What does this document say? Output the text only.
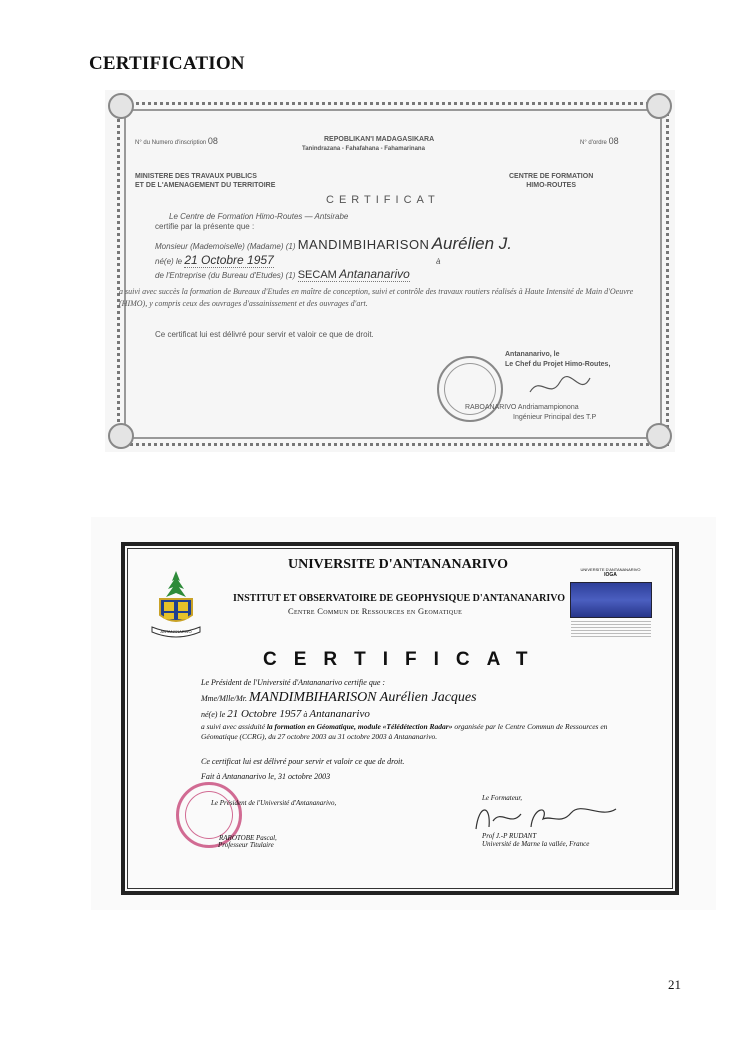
CERTIFICATION
N° du Numero d'inscription 08	N° d'ordre 08
REPOBLIKAN'I MADAGASIKARA
Tanindrazana - Fahafahana - Fahamarinana
MINISTERE DES TRAVAUX PUBLICS
ET DE L'AMENAGEMENT DU TERRITOIRE
CENTRE DE FORMATION
HIMO-ROUTES
CERTIFICAT
Le Centre de Formation Himo-Routes — Antsirabe
certifie par la présente que :
Monsieur (Mademoiselle) (Madame) (1) MANDIMBIHARISON Aurélien J.
né(e) le 21 Octobre 1957	à
de l'Entreprise (du Bureau d'Etudes) (1) SECAM Antananarivo
a suivi avec succès la formation de Bureaux d'Etudes en maître de conception, suivi et contrôle des travaux routiers réalisés à Haute Intensité de Main d'Oeuvre (HIMO), y compris ceux des ouvrages d'assainissement et des ouvrages d'art.
Ce certificat lui est délivré pour servir et valoir ce que de droit.
Antananarivo, le
Le Chef du Projet Himo-Routes,
RABOANARIVO Andriamampionona
Ingénieur Principal des T.P
ANTANANARIVO
UNIVERSITE D'ANTANANARIVO
INSTITUT ET OBSERVATOIRE DE GEOPHYSIQUE D'ANTANANARIVO
Centre Commun de Ressources en Geomatique
UNIVERSITE D'ANTANANARIVO
IOGA
CERTIFICAT
Le Président de l'Université d'Antananarivo certifie que :
Mme/Mlle/Mr. MANDIMBIHARISON Aurélien Jacques
né(e) le 21 Octobre 1957 à Antananarivo
a suivi avec assiduité la formation en Géomatique, module «Télédétection Radar» organisée par le Centre Commun de Ressources en Géomatique (CCRG), du 27 octobre 2003 au 31 octobre 2003 à Antananarivo.
Ce certificat lui est délivré pour servir et valoir ce que de droit.
Fait à Antananarivo le, 31 octobre 2003
Le Président de l'Université d'Antananarivo,
RAROTOBE Pascal,
Professeur Titulaire
Le Formateur,
Prof J.-P RUDANT
Université de Marne la vallée, France
21
